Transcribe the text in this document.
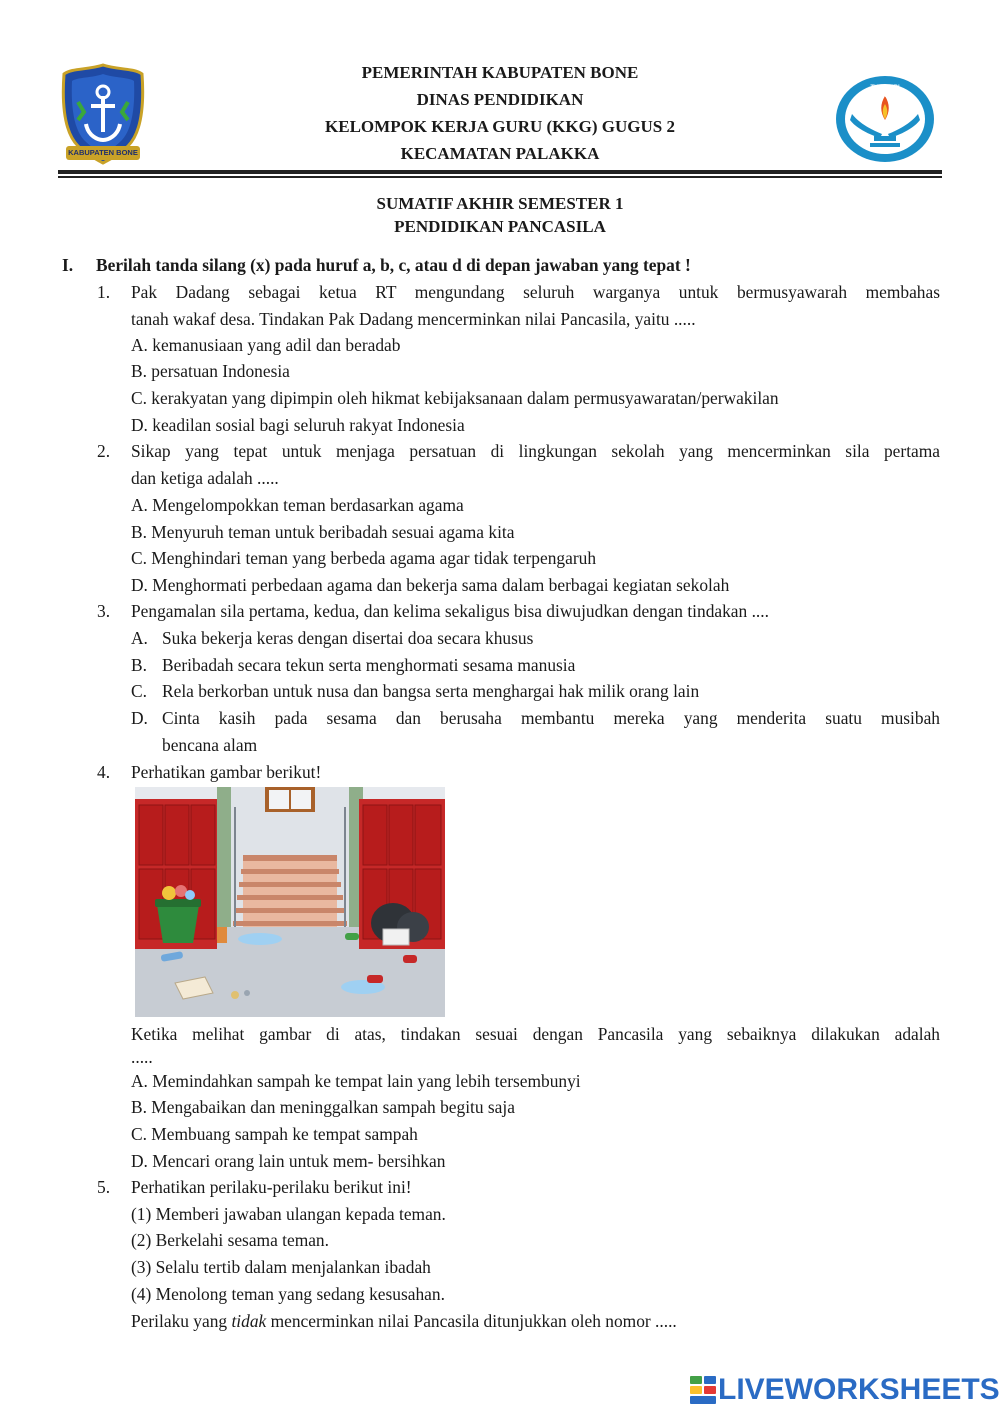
KABUPATEN BONE
PEMERINTAH KABUPATEN BONE
DINAS PENDIDIKAN
KELOMPOK KERJA GURU (KKG) GUGUS 2
KECAMATAN PALAKKA
TUT WURI HANDAYANI
SUMATIF AKHIR SEMESTER 1
PENDIDIKAN PANCASILA
I. Berilah tanda silang (x) pada huruf a, b, c, atau d di depan jawaban yang tepat !
1. Pak Dadang sebagai ketua RT mengundang seluruh warganya untuk bermusyawarah membahas
tanah wakaf desa. Tindakan Pak Dadang mencerminkan nilai Pancasila, yaitu .....
A. kemanusiaan yang adil dan beradab
B. persatuan Indonesia
C. kerakyatan yang dipimpin oleh hikmat kebijaksanaan dalam permusyawaratan/perwakilan
D. keadilan sosial bagi seluruh rakyat Indonesia
2. Sikap yang tepat untuk menjaga persatuan di lingkungan sekolah yang mencerminkan sila pertama
dan ketiga adalah .....
A. Mengelompokkan teman berdasarkan agama
B. Menyuruh teman untuk beribadah sesuai agama kita
C. Menghindari teman yang berbeda agama agar tidak terpengaruh
D. Menghormati perbedaan agama dan bekerja sama dalam berbagai kegiatan sekolah
3. Pengamalan sila pertama, kedua, dan kelima sekaligus bisa diwujudkan dengan tindakan ....
A. Suka bekerja keras dengan disertai doa secara khusus
B. Beribadah secara tekun serta menghormati sesama manusia
C. Rela berkorban untuk nusa dan bangsa serta menghargai hak milik orang lain
D. Cinta kasih pada sesama dan berusaha membantu mereka yang menderita suatu musibah
bencana alam
4. Perhatikan gambar berikut!
Ketika melihat gambar di atas, tindakan sesuai dengan Pancasila yang sebaiknya dilakukan adalah
.....
A. Memindahkan sampah ke tempat lain yang lebih tersembunyi
B. Mengabaikan dan meninggalkan sampah begitu saja
C. Membuang sampah ke tempat sampah
D. Mencari orang lain untuk mem- bersihkan
5. Perhatikan perilaku-perilaku berikut ini!
(1) Memberi jawaban ulangan kepada teman.
(2) Berkelahi sesama teman.
(3) Selalu tertib dalam menjalankan ibadah
(4) Menolong teman yang sedang kesusahan.
Perilaku yang tidak mencerminkan nilai Pancasila ditunjukkan oleh nomor .....
LIVEWORKSHEETS
